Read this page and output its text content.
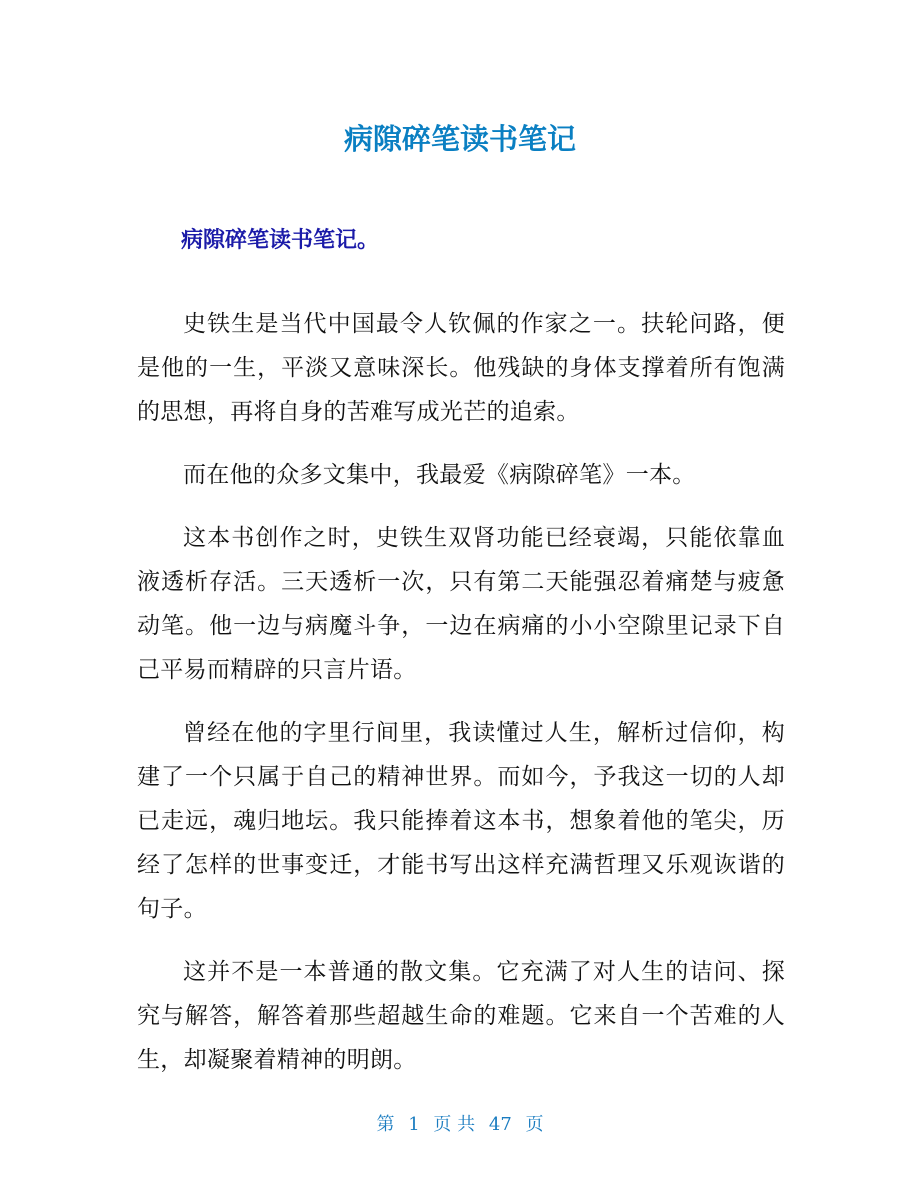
病隙碎笔读书笔记
病隙碎笔读书笔记。

史铁生是当代中国最令人钦佩的作家之一。扶轮问路，便是他的一生，平淡又意味深长。他残缺的身体支撑着所有饱满的思想，再将自身的苦难写成光芒的追索。

而在他的众多文集中，我最爱《病隙碎笔》一本。

这本书创作之时，史铁生双肾功能已经衰竭，只能依靠血液透析存活。三天透析一次，只有第二天能强忍着痛楚与疲惫动笔。他一边与病魔斗争，一边在病痛的小小空隙里记录下自己平易而精辟的只言片语。

曾经在他的字里行间里，我读懂过人生，解析过信仰，构建了一个只属于自己的精神世界。而如今，予我这一切的人却已走远，魂归地坛。我只能捧着这本书，想象着他的笔尖，历经了怎样的世事变迁，才能书写出这样充满哲理又乐观诙谐的句子。

这并不是一本普通的散文集。它充满了对人生的诘问、探究与解答，解答着那些超越生命的难题。它来自一个苦难的人生，却凝聚着精神的明朗。

第 1 页 共 47 页
